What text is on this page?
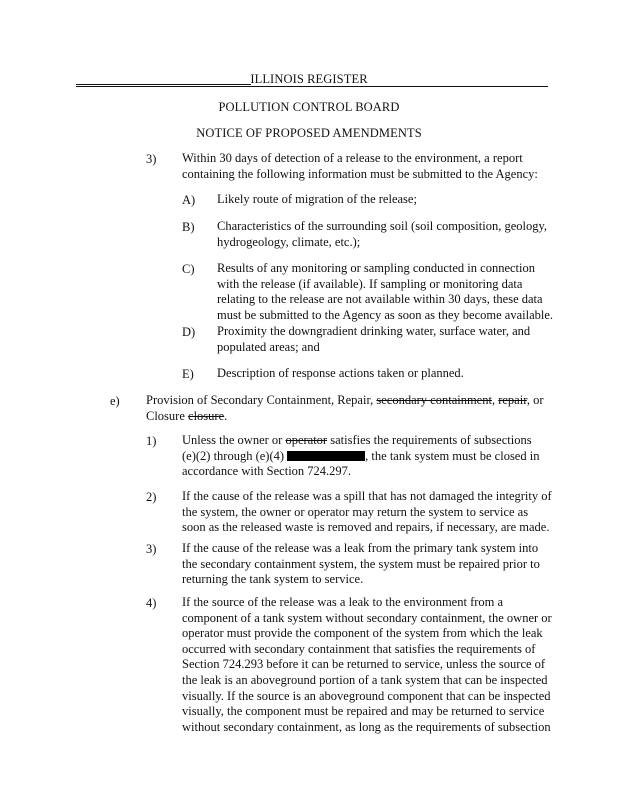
ILLINOIS REGISTER
POLLUTION CONTROL BOARD
NOTICE OF PROPOSED AMENDMENTS
3) Within 30 days of detection of a release to the environment, a report containing the following information must be submitted to the Agency:
A) Likely route of migration of the release;
B) Characteristics of the surrounding soil (soil composition, geology, hydrogeology, climate, etc.);
C) Results of any monitoring or sampling conducted in connection with the release (if available). If sampling or monitoring data relating to the release are not available within 30 days, these data must be submitted to the Agency as soon as they become available.
D) Proximity the downgradient drinking water, surface water, and populated areas; and
E) Description of response actions taken or planned.
e) Provision of Secondary Containment, Repair, secondary containment, repair, or
Closure closure.
1) Unless the owner or operator satisfies the requirements of subsections
(e)(2) through (e)(4)	, the tank system must be closed in
accordance with Section 724.297.
2) If the cause of the release was a spill that has not damaged the integrity of the system, the owner or operator may return the system to service as soon as the released waste is removed and repairs, if necessary, are made.
3) If the cause of the release was a leak from the primary tank system into the secondary containment system, the system must be repaired prior to returning the tank system to service.
4) If the source of the release was a leak to the environment from a component of a tank system without secondary containment, the owner or operator must provide the component of the system from which the leak occurred with secondary containment that satisfies the requirements of Section 724.293 before it can be returned to service, unless the source of the leak is an aboveground portion of a tank system that can be inspected visually. If the source is an aboveground component that can be inspected visually, the component must be repaired and may be returned to service without secondary containment, as long as the requirements of subsection
